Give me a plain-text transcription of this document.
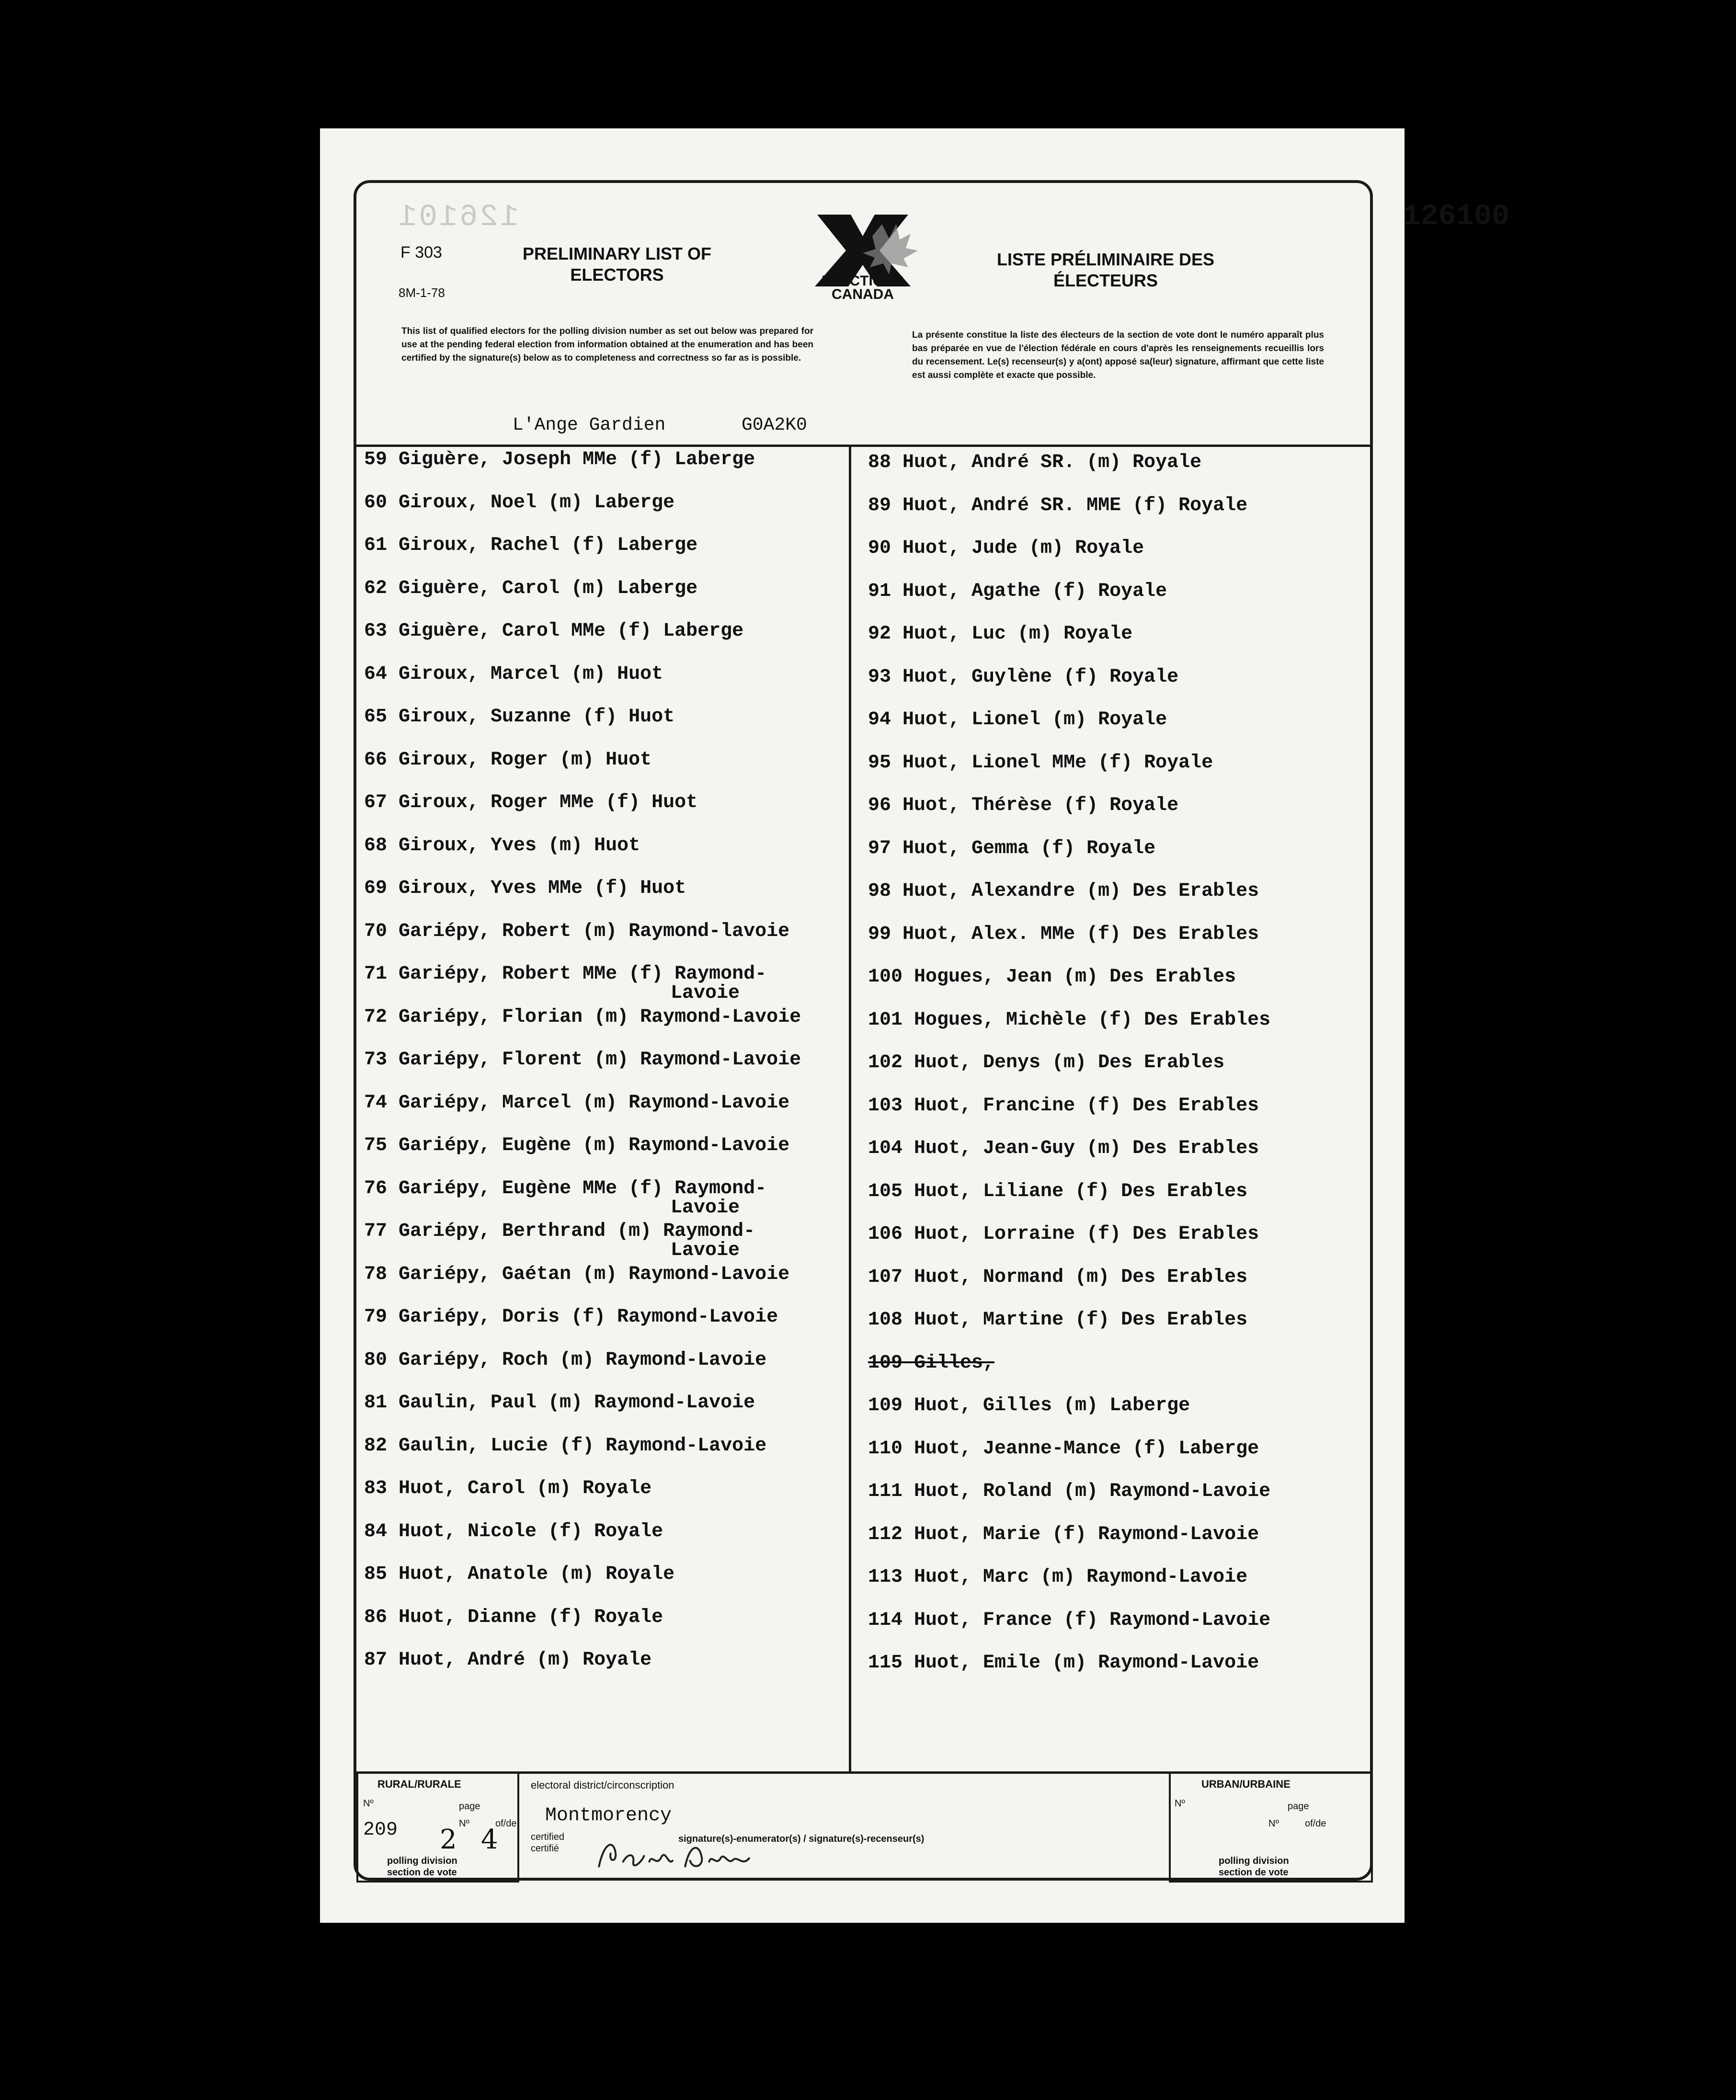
126101	126100
F 303
8M-1-78
PRELIMINARY LIST OF
ELECTORS	ELECTIONS
CANADA
LISTE PRÉLIMINAIRE DES
ÉLECTEURS
This list of qualified electors for the polling division number as set out below was prepared for use at the pending federal election from information obtained at the enumeration and has been certified by the signature(s) below as to completeness and correctness so far as is possible.
La présente constitue la liste des électeurs de la section de vote dont le numéro apparaît plus bas préparée en vue de l'élection fédérale en cours d'après les renseignements recueillis lors du recensement. Le(s) recenseur(s) y a(ont) apposé sa(leur) signature, affirmant que cette liste est aussi complète et exacte que possible.
L'Ange Gardien	G0A2K0
59 Giguère, Joseph MMe (f) Laberge
60 Giroux, Noel (m) Laberge
61 Giroux, Rachel (f) Laberge
62 Giguère, Carol (m) Laberge
63 Giguère, Carol MMe (f) Laberge
64 Giroux, Marcel (m) Huot
65 Giroux, Suzanne (f) Huot
66 Giroux, Roger (m) Huot
67 Giroux, Roger MMe (f) Huot
68 Giroux, Yves (m) Huot
69 Giroux, Yves MMe (f) Huot
70 Gariépy, Robert (m) Raymond-lavoie
71 Gariépy, Robert MMe (f) Raymond-
Lavoie
72 Gariépy, Florian (m) Raymond-Lavoie
73 Gariépy, Florent (m) Raymond-Lavoie
74 Gariépy, Marcel (m) Raymond-Lavoie
75 Gariépy, Eugène (m) Raymond-Lavoie
76 Gariépy, Eugène MMe (f) Raymond-
Lavoie
77 Gariépy, Berthrand (m) Raymond-
Lavoie
78 Gariépy, Gaétan (m) Raymond-Lavoie
79 Gariépy, Doris (f) Raymond-Lavoie
80 Gariépy, Roch (m) Raymond-Lavoie
81 Gaulin, Paul (m) Raymond-Lavoie
82 Gaulin, Lucie (f) Raymond-Lavoie
83 Huot, Carol (m) Royale
84 Huot, Nicole (f) Royale
85 Huot, Anatole (m) Royale
86 Huot, Dianne (f) Royale
87 Huot, André (m) Royale
88 Huot, André SR. (m) Royale
89 Huot, André SR. MME (f) Royale
90 Huot, Jude (m) Royale
91 Huot, Agathe (f) Royale
92 Huot, Luc (m) Royale
93 Huot, Guylène (f) Royale
94 Huot, Lionel (m) Royale
95 Huot, Lionel MMe (f) Royale
96 Huot, Thérèse (f) Royale
97 Huot, Gemma (f) Royale
98 Huot, Alexandre (m) Des Erables
99 Huot, Alex. MMe (f) Des Erables
100 Hogues, Jean (m) Des Erables
101 Hogues, Michèle (f) Des Erables
102 Huot, Denys (m) Des Erables
103 Huot, Francine (f) Des Erables
104 Huot, Jean-Guy (m) Des Erables
105 Huot, Liliane (f) Des Erables
106 Huot, Lorraine (f) Des Erables
107 Huot, Normand (m) Des Erables
108 Huot, Martine (f) Des Erables
109 Gilles,
109 Huot, Gilles (m) Laberge
110 Huot, Jeanne-Mance (f) Laberge
111 Huot, Roland (m) Raymond-Lavoie
112 Huot, Marie (f) Raymond-Lavoie
113 Huot, Marc (m) Raymond-Lavoie
114 Huot, France (f) Raymond-Lavoie
115 Huot, Emile (m) Raymond-Lavoie
RURAL/RURALE
Nº	page
Nº	of/de
209 2 4
polling division
section de vote
electoral district/circonscription
Montmorency
certified
certifié
signature(s)-enumerator(s) / signature(s)-recenseur(s)
URBAN/URBAINE
Nº	page
Nº	of/de
polling division
section de vote
